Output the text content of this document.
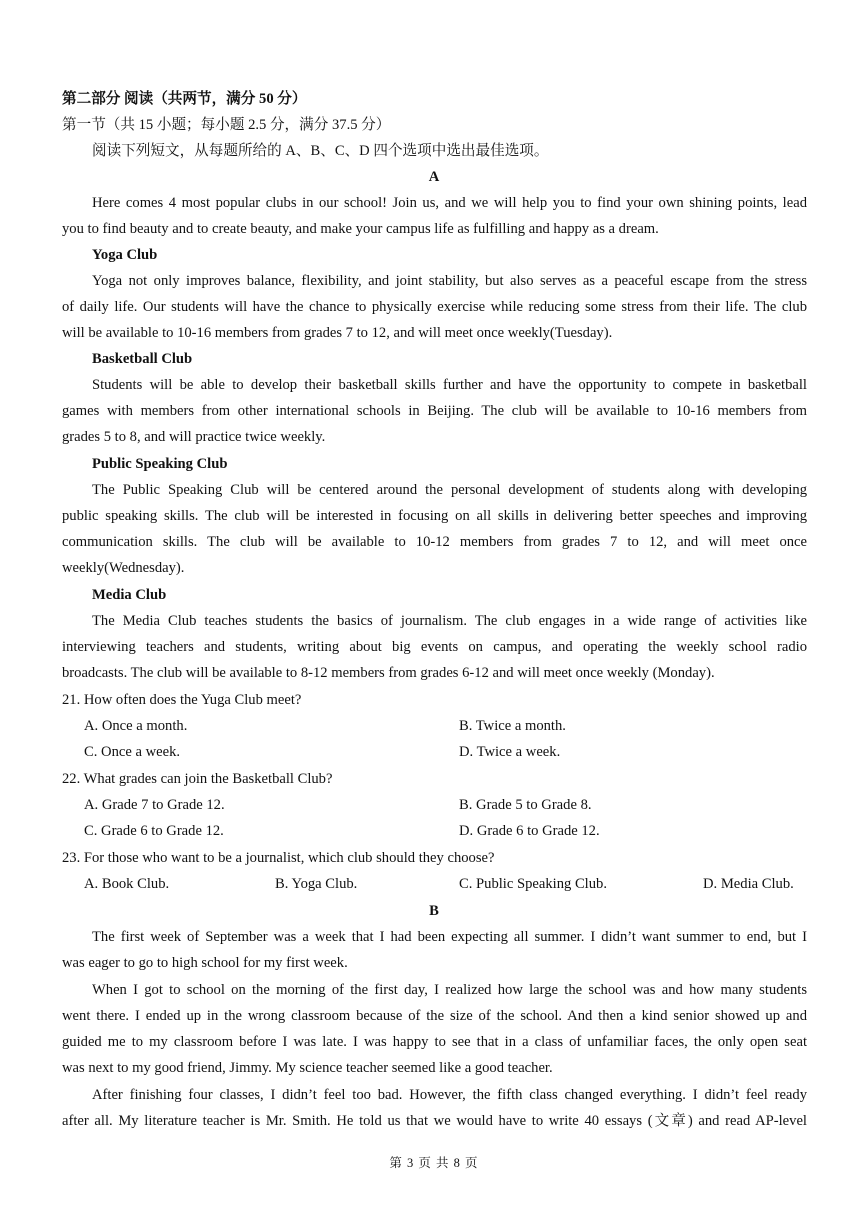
第二部分 阅读（共两节，满分 50 分）
第一节（共 15 小题；每小题 2.5 分，满分 37.5 分）
阅读下列短文，从每题所给的 A、B、C、D 四个选项中选出最佳选项。
A
Here comes 4 most popular clubs in our school! Join us, and we will help you to find your own shining points, lead
you to find beauty and to create beauty, and make your campus life as fulfilling and happy as a dream.
Yoga Club
Yoga not only improves balance, flexibility, and joint stability, but also serves as a peaceful escape from the stress
of daily life. Our students will have the chance to physically exercise while reducing some stress from their life. The club
will be available to 10-16 members from grades 7 to 12, and will meet once weekly(Tuesday).
Basketball Club
Students will be able to develop their basketball skills further and have the opportunity to compete in basketball
games with members from other international schools in Beijing. The club will be available to 10-16 members from
grades 5 to 8, and will practice twice weekly.
Public Speaking Club
The Public Speaking Club will be centered around the personal development of students along with developing
public speaking skills. The club will be interested in focusing on all skills in delivering better speeches and improving
communication skills. The club will be available to 10-12 members from grades 7 to 12, and will meet once
weekly(Wednesday).
Media Club
The Media Club teaches students the basics of journalism. The club engages in a wide range of activities like
interviewing teachers and students, writing about big events on campus, and operating the weekly school radio
broadcasts. The club will be available to 8-12 members from grades 6-12 and will meet once weekly (Monday).
21. How often does the Yuga Club meet?
A. Once a month.	B. Twice a month.
C. Once a week.	D. Twice a week.
22. What grades can join the Basketball Club?
A. Grade 7 to Grade 12.	B. Grade 5 to Grade 8.
C. Grade 6 to Grade 12.	D. Grade 6 to Grade 12.
23. For those who want to be a journalist, which club should they choose?
A. Book Club.	B. Yoga Club.	C. Public Speaking Club.	D. Media Club.
B
The first week of September was a week that I had been expecting all summer. I didn’t want summer to end, but I
was eager to go to high school for my first week.
When I got to school on the morning of the first day, I realized how large the school was and how many students
went there. I ended up in the wrong classroom because of the size of the school. And then a kind senior showed up and
guided me to my classroom before I was late. I was happy to see that in a class of unfamiliar faces, the only open seat
was next to my good friend, Jimmy. My science teacher seemed like a good teacher.
After finishing four classes, I didn’t feel too bad. However, the fifth class changed everything. I didn’t feel ready
after all. My literature teacher is Mr. Smith. He told us that we would have to write 40 essays (文章) and read AP-level
第 3 页 共 8 页
